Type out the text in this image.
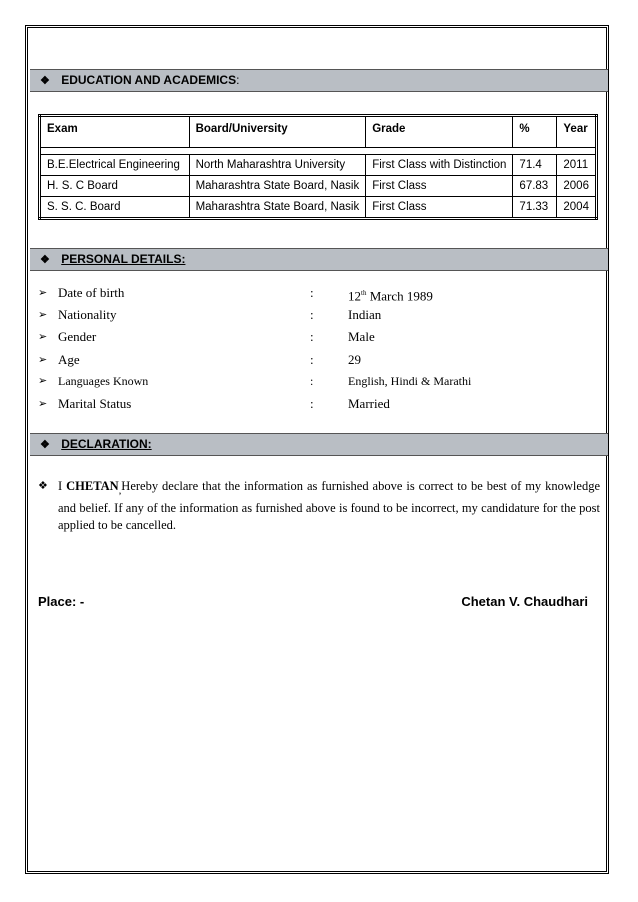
❖ EDUCATION AND ACADEMICS:
Exam	Board/University	Grade	%	Year

B.E.Electrical Engineering	North Maharashtra University	First Class with Distinction	71.4	2011
H. S. C Board	Maharashtra State Board, Nasik	First Class	67.83	2006
S. S. C. Board	Maharashtra State Board, Nasik	First Class	71.33	2004
❖ PERSONAL DETAILS:
➢ Date of birth	:	12th March 1989
➢ Nationality	:	Indian
➢ Gender	:	Male
➢ Age	:	29
➢ Languages Known	:	English, Hindi & Marathi
➢ Marital Status	:	Married
❖ DECLARATION:
❖ I $CHETAN_,Hereby$ declare that the information as furnished above is correct to be best of my knowledge and belief. If any of the information as furnished above is found to be incorrect, my candidature for the post applied to be cancelled.
Place: -	Chetan V. Chaudhari
